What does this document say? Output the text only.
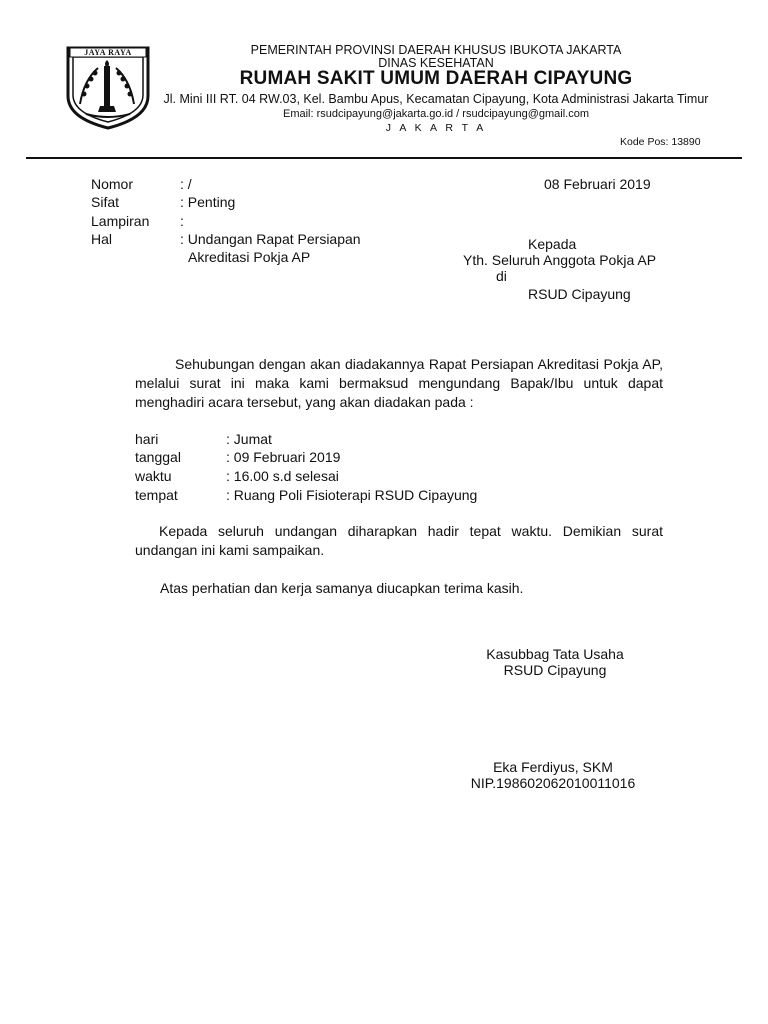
JAYA RAYA	PEMERINTAH PROVINSI DAERAH KHUSUS IBUKOTA JAKARTA
DINAS KESEHATAN
RUMAH SAKIT UMUM DAERAH CIPAYUNG
Jl. Mini III RT. 04 RW.03, Kel. Bambu Apus, Kecamatan Cipayung, Kota Administrasi Jakarta Timur
Email: rsudcipayung@jakarta.go.id / rsudcipayung@gmail.com
J A K A R T A
Kode Pos: 13890
Nomor	: /
Sifat	: Penting
Lampiran :
Hal	: Undangan Rapat Persiapan
Akreditasi Pokja AP
08 Februari 2019
Kepada
Yth. Seluruh Anggota Pokja AP
di
RSUD Cipayung

Sehubungan dengan akan diadakannya Rapat Persiapan Akreditasi Pokja AP, melalui surat ini maka kami bermaksud mengundang Bapak/Ibu untuk dapat menghadiri acara tersebut, yang akan diadakan pada :

hari	: Jumat
tanggal	: 09 Februari 2019
waktu	: 16.00 s.d selesai
tempat	: Ruang Poli Fisioterapi RSUD Cipayung

Kepada seluruh undangan diharapkan hadir tepat waktu. Demikian surat undangan ini kami sampaikan.

Atas perhatian dan kerja samanya diucapkan terima kasih.
Kasubbag Tata Usaha
RSUD Cipayung
Eka Ferdiyus, SKM
NIP.198602062010011016
